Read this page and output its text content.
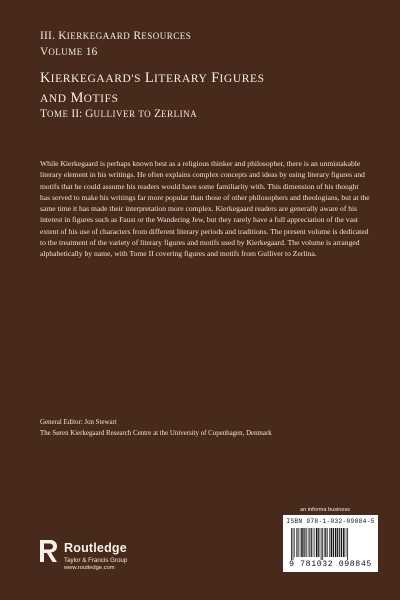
III. KIERKEGAARD RESOURCES
VOLUME 16
KIERKEGAARD'S LITERARY FIGURES
AND MOTIFS
TOME II: GULLIVER TO ZERLINA

While Kierkegaard is perhaps known best as a religious thinker and philosopher, there is an unmistakable literary element in his writings. He often explains complex concepts and ideas by using literary figures and motifs that he could assume his readers would have some familiarity with. This dimension of his thought has served to make his writings far more popular than those of other philosophers and theologians, but at the same time it has made their interpretation more complex. Kierkegaard readers are generally aware of his interest in figures such as Faust or the Wandering Jew, but they rarely have a full appreciation of the vast extent of his use of characters from different literary periods and traditions. The present volume is dedicated to the treatment of the variety of literary figures and motifs used by Kierkegaard. The volume is arranged alphabetically by name, with Tome II covering figures and motifs from Gulliver to Zerlina.

General Editor: Jon Stewart
The Søren Kierkegaard Research Centre at the University of Copenhagen, Denmark
an informa business
ISBN 978-1-032-09884-5
9 781032 098845
Routledge
Taylor & Francis Group
www.routledge.com
